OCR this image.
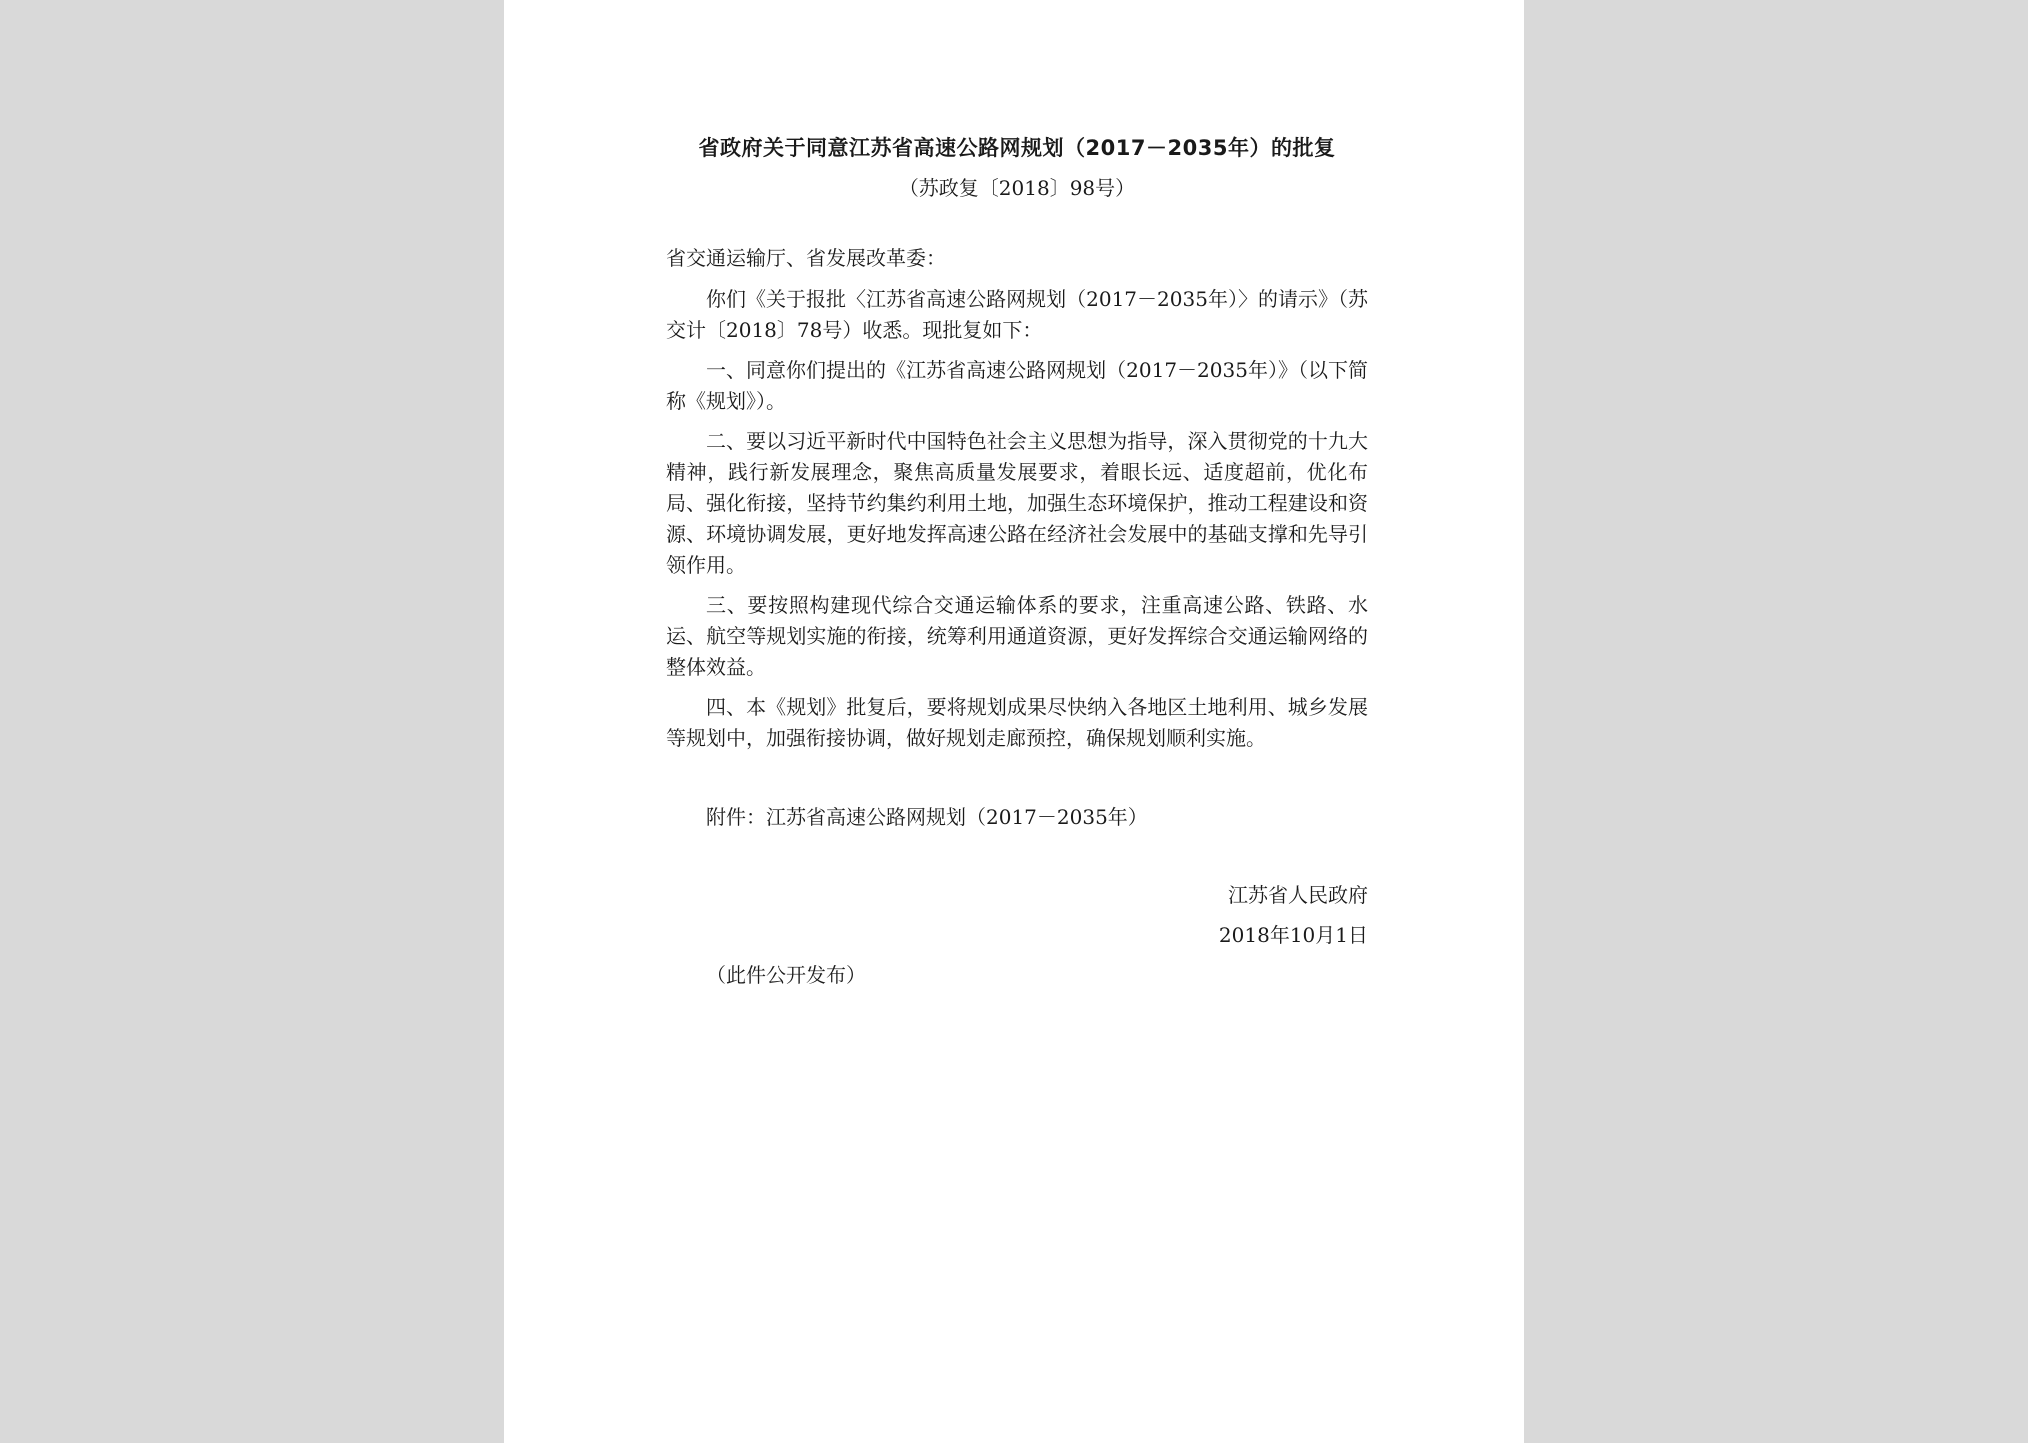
省政府关于同意江苏省高速公路网规划（2017－2035年）的批复

（苏政复〔2018〕98号）

省交通运输厅、省发展改革委：

你们《关于报批〈江苏省高速公路网规划（2017－2035年）〉的请示》（苏交计〔2018〕78号）收悉。现批复如下：

一、同意你们提出的《江苏省高速公路网规划（2017－2035年）》（以下简称《规划》）。

二、要以习近平新时代中国特色社会主义思想为指导，深入贯彻党的十九大精神，践行新发展理念，聚焦高质量发展要求，着眼长远、适度超前，优化布局、强化衔接，坚持节约集约利用土地，加强生态环境保护，推动工程建设和资源、环境协调发展，更好地发挥高速公路在经济社会发展中的基础支撑和先导引领作用。

三、要按照构建现代综合交通运输体系的要求，注重高速公路、铁路、水运、航空等规划实施的衔接，统筹利用通道资源，更好发挥综合交通运输网络的整体效益。

四、本《规划》批复后，要将规划成果尽快纳入各地区土地利用、城乡发展等规划中，加强衔接协调，做好规划走廊预控，确保规划顺利实施。

附件：江苏省高速公路网规划（2017－2035年）

江苏省人民政府

2018年10月1日

（此件公开发布）
